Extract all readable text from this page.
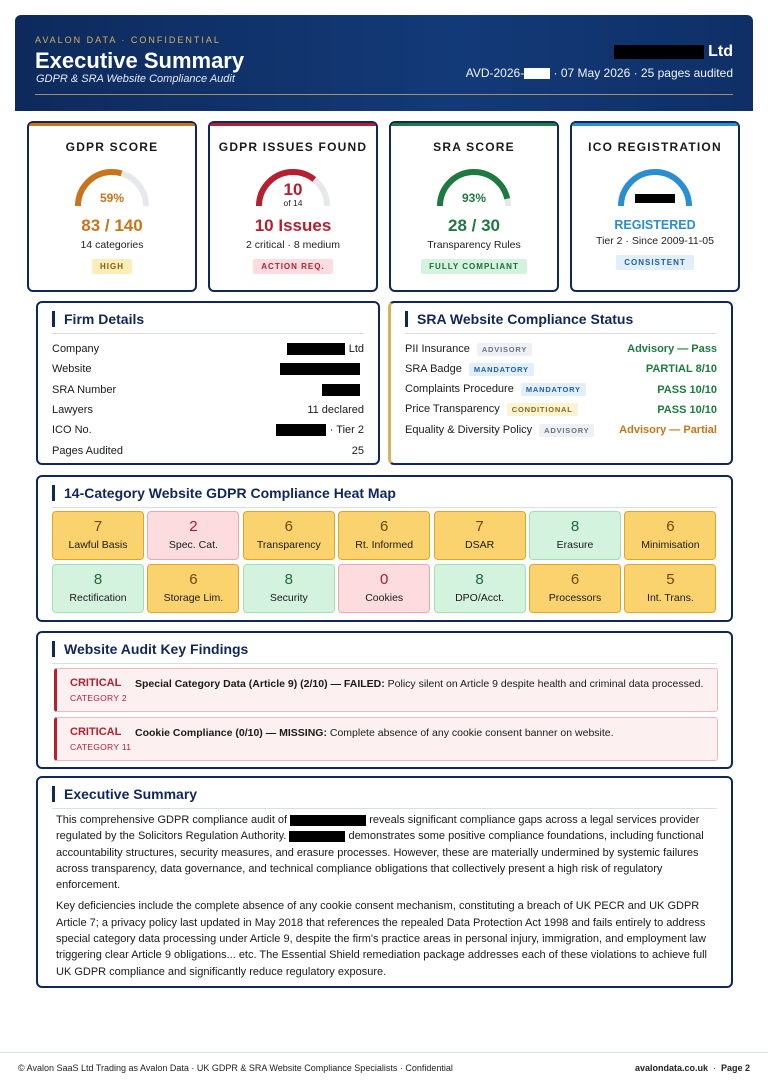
AVALON DATA · CONFIDENTIAL
Executive Summary
GDPR & SRA Website Compliance Audit
Ltd
AVD-2026- · 07 May 2026 · 25 pages audited
GDPR SCORE
59%
83 / 140
14 categories
HIGH
GDPR ISSUES FOUND
10
of 14
10 Issues
2 critical · 8 medium
ACTION REQ.
SRA SCORE
93%
28 / 30
Transparency Rules
FULLY COMPLIANT
ICO REGISTRATION
REGISTERED
Tier 2 · Since 2009-11-05
CONSISTENT
Firm Details
Company	Ltd
Website
SRA Number
Lawyers	11 declared
ICO No.	· Tier 2
Pages Audited	25
SRA Website Compliance Status
PII Insurance ADVISORY	Advisory — Pass
SRA Badge MANDATORY	PARTIAL 8/10
Complaints Procedure MANDATORY	PASS 10/10
Price Transparency CONDITIONAL	PASS 10/10
Equality & Diversity Policy ADVISORY	Advisory — Partial
14-Category Website GDPR Compliance Heat Map
7
Lawful Basis
2
Spec. Cat.
6
Transparency
6
Rt. Informed
7
DSAR
8
Erasure
6
Minimisation
8
Rectification
6
Storage Lim.
8
Security
0
Cookies
8
DPO/Acct.
6
Processors
5
Int. Trans.
Website Audit Key Findings
CRITICAL
CATEGORY 2
Special Category Data (Article 9) (2/10) — FAILED: Policy silent on Article 9 despite health and criminal data processed.
CRITICAL
CATEGORY 11
Cookie Compliance (0/10) — MISSING: Complete absence of any cookie consent banner on website.
Executive Summary

This comprehensive GDPR compliance audit of	reveals significant compliance gaps across a legal services provider regulated by the Solicitors Regulation Authority.	demonstrates some positive compliance foundations, including functional accountability structures, security measures, and erasure processes. However, these are materially undermined by systemic failures across transparency, data governance, and technical compliance obligations that collectively present a high risk of regulatory enforcement.

Key deficiencies include the complete absence of any cookie consent mechanism, constituting a breach of UK PECR and UK GDPR Article 7; a privacy policy last updated in May 2018 that references the repealed Data Protection Act 1998 and fails entirely to address special category data processing under Article 9, despite the firm's practice areas in personal injury, immigration, and employment law triggering clear Article 9 obligations... etc. The Essential Shield remediation package addresses each of these violations to achieve full UK GDPR compliance and significantly reduce regulatory exposure.

© Avalon SaaS Ltd Trading as Avalon Data · UK GDPR & SRA Website Compliance Specialists · Confidential	avalondata.co.uk  ·  Page 2
